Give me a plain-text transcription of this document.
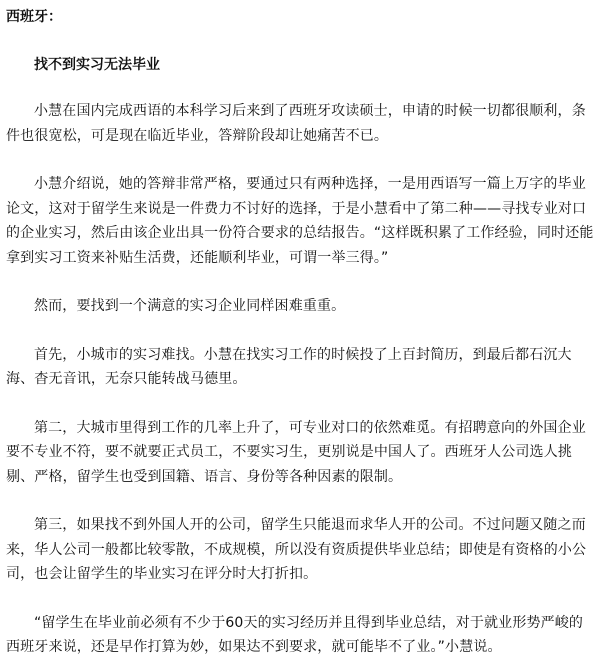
西班牙：

找不到实习无法毕业

小慧在国内完成西语的本科学习后来到了西班牙攻读硕士，申请的时候一切都很顺利，条件也很宽松，可是现在临近毕业，答辩阶段却让她痛苦不已。

小慧介绍说，她的答辩非常严格，要通过只有两种选择，一是用西语写一篇上万字的毕业论文，这对于留学生来说是一件费力不讨好的选择，于是小慧看中了第二种——寻找专业对口的企业实习，然后由该企业出具一份符合要求的总结报告。“这样既积累了工作经验，同时还能拿到实习工资来补贴生活费，还能顺利毕业，可谓一举三得。”

然而，要找到一个满意的实习企业同样困难重重。

首先，小城市的实习难找。小慧在找实习工作的时候投了上百封简历，到最后都石沉大海、杳无音讯，无奈只能转战马德里。

第二，大城市里得到工作的几率上升了，可专业对口的依然难觅。有招聘意向的外国企业要不专业不符，要不就要正式员工，不要实习生，更别说是中国人了。西班牙人公司选人挑剔、严格，留学生也受到国籍、语言、身份等各种因素的限制。

第三，如果找不到外国人开的公司，留学生只能退而求华人开的公司。不过问题又随之而来，华人公司一般都比较零散，不成规模，所以没有资质提供毕业总结；即使是有资格的小公司，也会让留学生的毕业实习在评分时大打折扣。

“留学生在毕业前必须有不少于60天的实习经历并且得到毕业总结，对于就业形势严峻的西班牙来说，还是早作打算为妙，如果达不到要求，就可能毕不了业。”小慧说。
